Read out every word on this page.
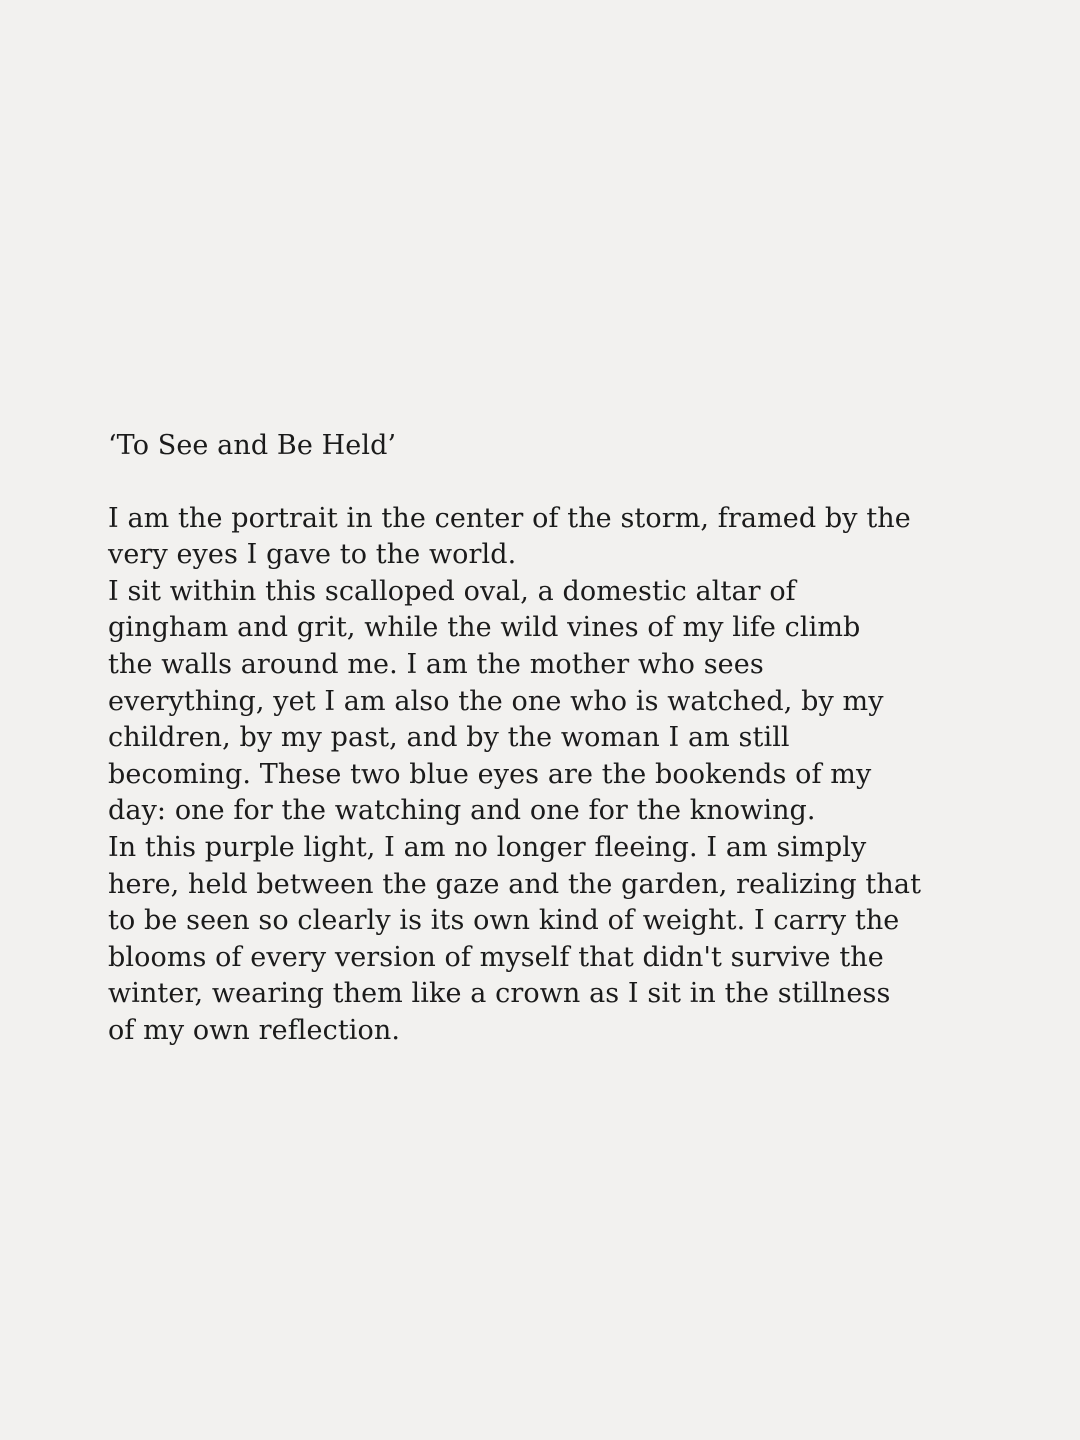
‘To See and Be Held’
I am the portrait in the center of the storm, framed by the
very eyes I gave to the world.
I sit within this scalloped oval, a domestic altar of
gingham and grit, while the wild vines of my life climb
the walls around me. I am the mother who sees
everything, yet I am also the one who is watched, by my
children, by my past, and by the woman I am still
becoming. These two blue eyes are the bookends of my
day: one for the watching and one for the knowing.
In this purple light, I am no longer fleeing. I am simply
here, held between the gaze and the garden, realizing that
to be seen so clearly is its own kind of weight. I carry the
blooms of every version of myself that didn't survive the
winter, wearing them like a crown as I sit in the stillness
of my own reflection.
